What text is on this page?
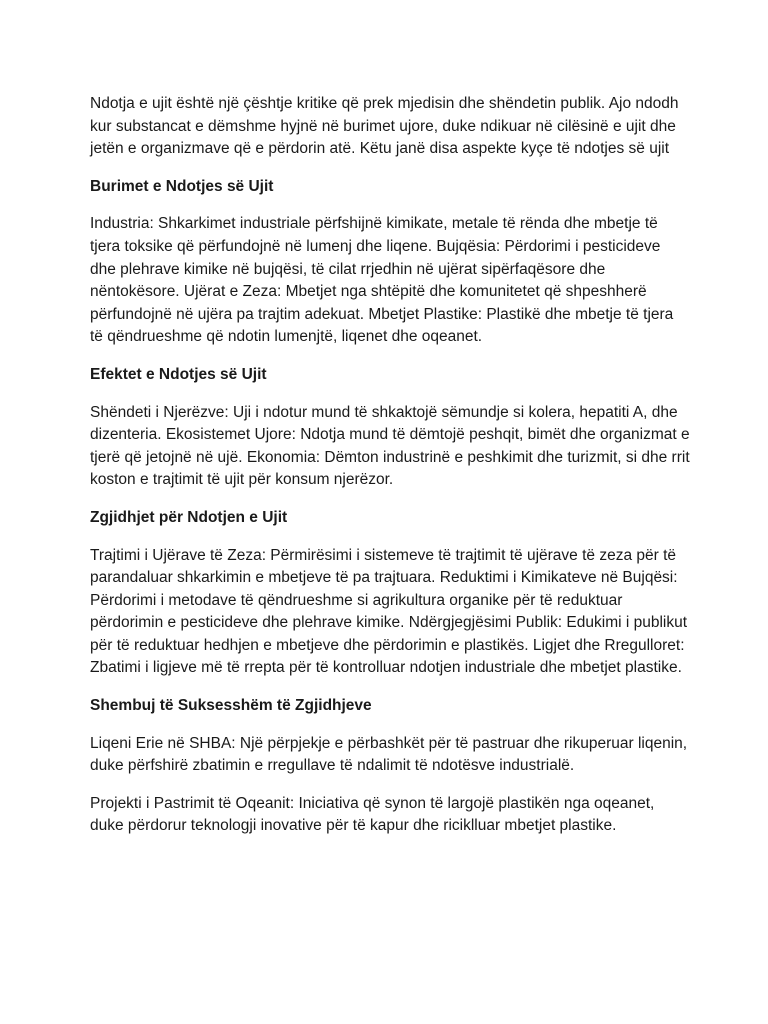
Ndotja e ujit është një çështje kritike që prek mjedisin dhe shëndetin publik. Ajo ndodh kur substancat e dëmshme hyjnë në burimet ujore, duke ndikuar në cilësinë e ujit dhe jetën e organizmave që e përdorin atë. Këtu janë disa aspekte kyçe të ndotjes së ujit

Burimet e Ndotjes së Ujit

Industria: Shkarkimet industriale përfshijnë kimikate, metale të rënda dhe mbetje të tjera toksike që përfundojnë në lumenj dhe liqene. Bujqësia: Përdorimi i pesticideve dhe plehrave kimike në bujqësi, të cilat rrjedhin në ujërat sipërfaqësore dhe nëntokësore. Ujërat e Zeza: Mbetjet nga shtëpitë dhe komunitetet që shpeshherë përfundojnë në ujëra pa trajtim adekuat. Mbetjet Plastike: Plastikë dhe mbetje të tjera të qëndrueshme që ndotin lumenjtë, liqenet dhe oqeanet.

Efektet e Ndotjes së Ujit

Shëndeti i Njerëzve: Uji i ndotur mund të shkaktojë sëmundje si kolera, hepatiti A, dhe dizenteria. Ekosistemet Ujore: Ndotja mund të dëmtojë peshqit, bimët dhe organizmat e tjerë që jetojnë në ujë. Ekonomia: Dëmton industrinë e peshkimit dhe turizmit, si dhe rrit koston e trajtimit të ujit për konsum njerëzor.

Zgjidhjet për Ndotjen e Ujit

Trajtimi i Ujërave të Zeza: Përmirësimi i sistemeve të trajtimit të ujërave të zeza për të parandaluar shkarkimin e mbetjeve të pa trajtuara. Reduktimi i Kimikateve në Bujqësi: Përdorimi i metodave të qëndrueshme si agrikultura organike për të reduktuar përdorimin e pesticideve dhe plehrave kimike. Ndërgjegjësimi Publik: Edukimi i publikut për të reduktuar hedhjen e mbetjeve dhe përdorimin e plastikës. Ligjet dhe Rregulloret: Zbatimi i ligjeve më të rrepta për të kontrolluar ndotjen industriale dhe mbetjet plastike.

Shembuj të Suksesshëm të Zgjidhjeve

Liqeni Erie në SHBA: Një përpjekje e përbashkët për të pastruar dhe rikuperuar liqenin, duke përfshirë zbatimin e rregullave të ndalimit të ndotësve industrialë.

Projekti i Pastrimit të Oqeanit: Iniciativa që synon të largojë plastikën nga oqeanet, duke përdorur teknologji inovative për të kapur dhe riciklluar mbetjet plastike.
